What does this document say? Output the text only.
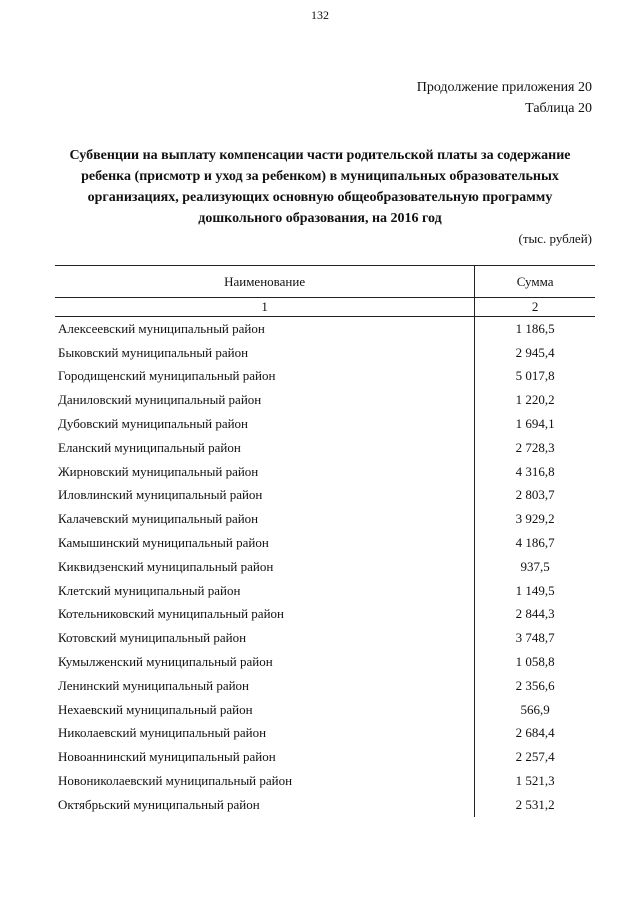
132
Продолжение приложения 20
Таблица 20
Субвенции на выплату компенсации части родительской платы за содержание ребенка (присмотр и уход за ребенком) в муниципальных образовательных организациях, реализующих основную общеобразовательную программу дошкольного образования, на 2016 год
(тыс. рублей)
Наименование	Сумма
1	2
Алексеевский муниципальный район	1 186,5
Быковский муниципальный район	2 945,4
Городищенский муниципальный район	5 017,8
Даниловский муниципальный район	1 220,2
Дубовский муниципальный район	1 694,1
Еланский муниципальный район	2 728,3
Жирновский муниципальный район	4 316,8
Иловлинский муниципальный район	2 803,7
Калачевский муниципальный район	3 929,2
Камышинский муниципальный район	4 186,7
Киквидзенский муниципальный район	937,5
Клетский муниципальный район	1 149,5
Котельниковский муниципальный район	2 844,3
Котовский муниципальный район	3 748,7
Кумылженский муниципальный район	1 058,8
Ленинский муниципальный район	2 356,6
Нехаевский муниципальный район	566,9
Николаевский муниципальный район	2 684,4
Новоаннинский муниципальный район	2 257,4
Новониколаевский муниципальный район	1 521,3
Октябрьский муниципальный район	2 531,2
